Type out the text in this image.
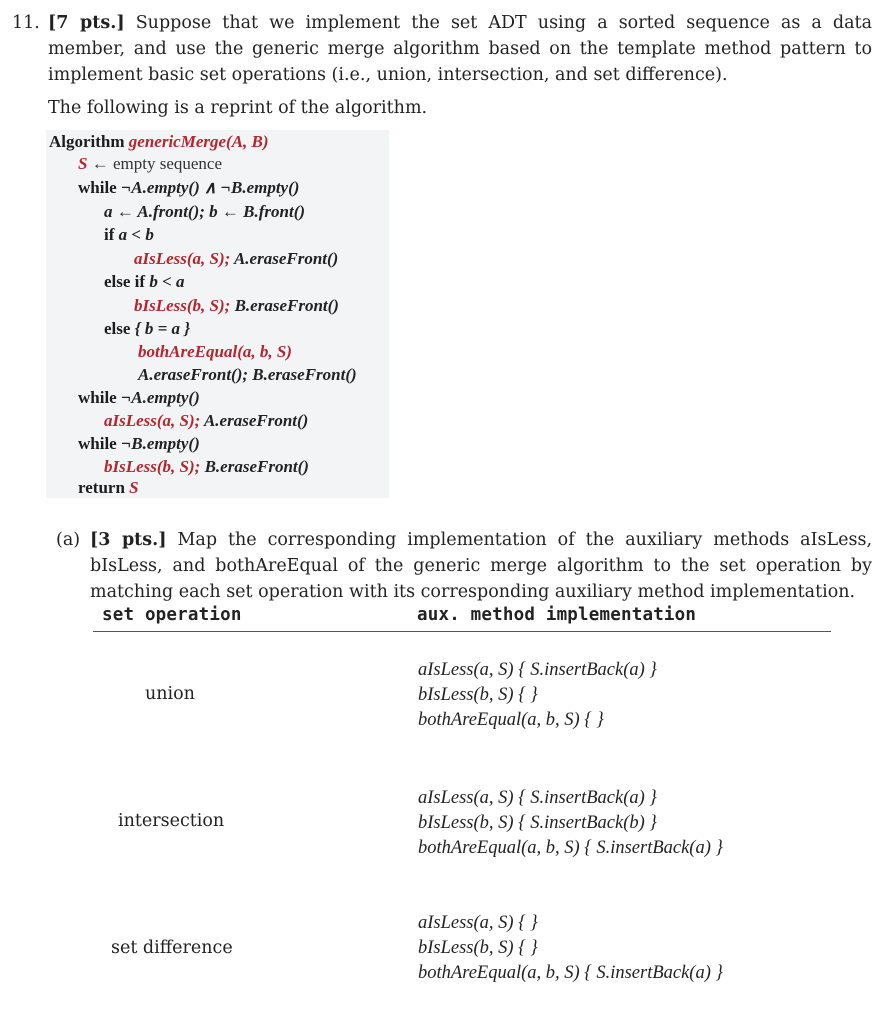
11. [7 pts.] Suppose that we implement the set ADT using a sorted sequence as a data member, and use the generic merge algorithm based on the template method pattern to implement basic set operations (i.e., union, intersection, and set difference).
The following is a reprint of the algorithm.
Algorithm genericMerge(A, B)
S ← empty sequence
while ¬A.empty() ∧ ¬B.empty()
a ← A.front(); b ← B.front()
if a < b
aIsLess(a, S); A.eraseFront()
else if b < a
bIsLess(b, S); B.eraseFront()
else { b = a }
bothAreEqual(a, b, S)
A.eraseFront(); B.eraseFront()
while ¬A.empty()
aIsLess(a, S); A.eraseFront()
while ¬B.empty()
bIsLess(b, S); B.eraseFront()
return S
(a) [3 pts.] Map the corresponding implementation of the auxiliary methods aIsLess, bIsLess, and bothAreEqual of the generic merge algorithm to the set operation by matching each set operation with its corresponding auxiliary method implementation.
set operation	aux. method implementation
union
aIsLess(a, S) { S.insertBack(a) }
bIsLess(b, S) { }
bothAreEqual(a, b, S) { }
intersection
aIsLess(a, S) { S.insertBack(a) }
bIsLess(b, S) { S.insertBack(b) }
bothAreEqual(a, b, S) { S.insertBack(a) }
set difference
aIsLess(a, S) { }
bIsLess(b, S) { }
bothAreEqual(a, b, S) { S.insertBack(a) }
